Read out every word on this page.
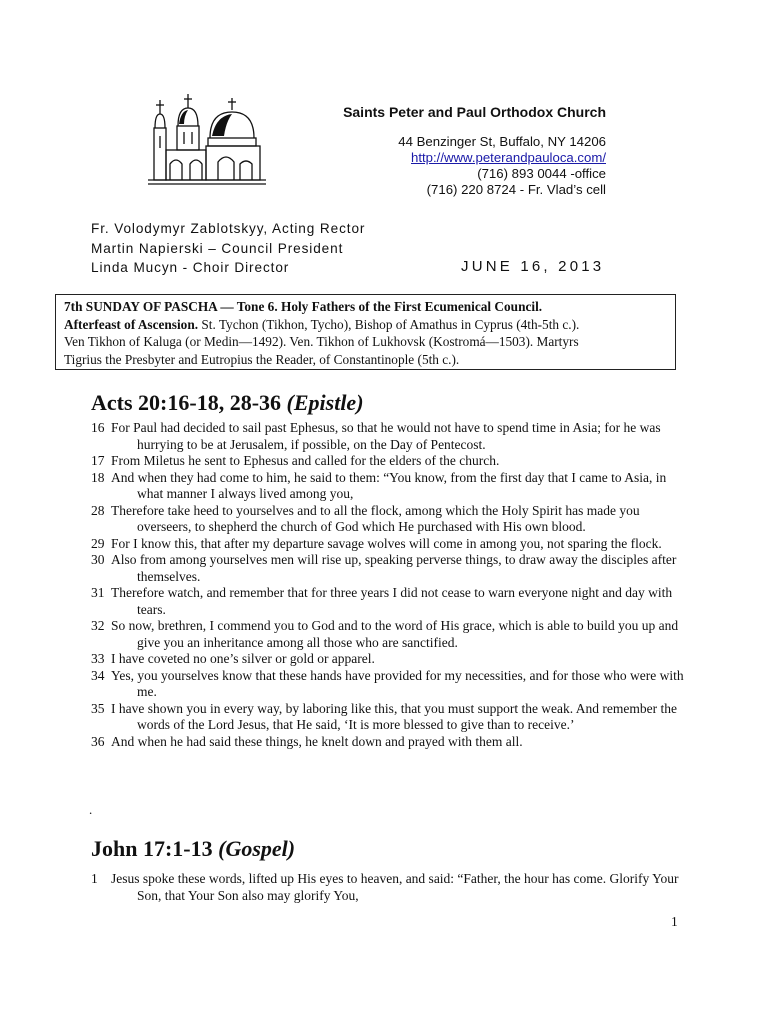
Saints Peter and Paul Orthodox Church
44 Benzinger St, Buffalo, NY 14206
http://www.peterandpauloca.com/
(716) 893 0044 -office
(716) 220 8724 - Fr. Vlad’s cell
Fr. Volodymyr Zablotskyy, Acting Rector
Martin Napierski – Council President
Linda Mucyn - Choir Director	JUNE 16, 2013
7th SUNDAY OF PASCHA — Tone 6. Holy Fathers of the First Ecumenical Council.
Afterfeast of Ascension. St. Tychon (Tikhon, Tycho), Bishop of Amathus in Cyprus (4th-5th c.).
Ven Tikhon of Kaluga (or Medin—1492). Ven. Tikhon of Lukhovsk (Kostromá—1503). Martyrs
Tigrius the Presbyter and Eutropius the Reader, of Constantinople (5th c.).
Acts 20:16-18, 28-36 (Epistle)
16 For Paul had decided to sail past Ephesus, so that he would not have to spend time in Asia; for he was hurrying to be at Jerusalem, if possible, on the Day of Pentecost.
17 From Miletus he sent to Ephesus and called for the elders of the church.
18 And when they had come to him, he said to them: “You know, from the first day that I came to Asia, in what manner I always lived among you,
28 Therefore take heed to yourselves and to all the flock, among which the Holy Spirit has made you overseers, to shepherd the church of God which He purchased with His own blood.
29 For I know this, that after my departure savage wolves will come in among you, not sparing the flock.
30 Also from among yourselves men will rise up, speaking perverse things, to draw away the disciples after themselves.
31 Therefore watch, and remember that for three years I did not cease to warn everyone night and day with tears.
32 So now, brethren, I commend you to God and to the word of His grace, which is able to build you up and give you an inheritance among all those who are sanctified.
33 I have coveted no one’s silver or gold or apparel.
34 Yes, you yourselves know that these hands have provided for my necessities, and for those who were with me.
35 I have shown you in every way, by laboring like this, that you must support the weak. And remember the words of the Lord Jesus, that He said, ‘It is more blessed to give than to receive.’
36 And when he had said these things, he knelt down and prayed with them all.
.
John 17:1-13 (Gospel)
1 Jesus spoke these words, lifted up His eyes to heaven, and said: “Father, the hour has come. Glorify Your Son, that Your Son also may glorify You,
1
